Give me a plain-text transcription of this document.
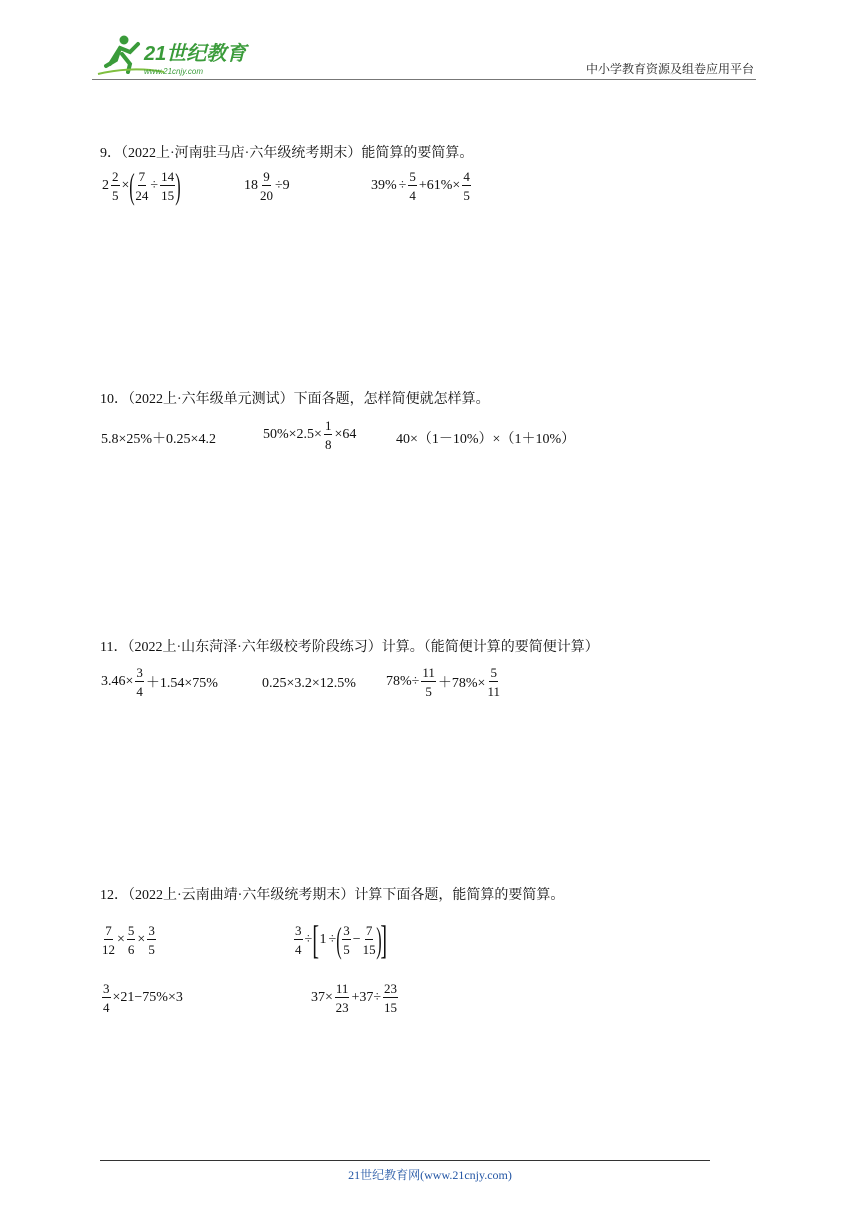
21世纪教育
www.21cnjy.com	中小学教育资源及组卷应用平台
9．（2022上·河南驻马店·六年级统考期末）能简算的要简算。
$2 \frac{2}{5}$ × ( $\frac{7}{24} \div \frac{14}{15}$ )	$18 \frac{9}{20} \div 9$	$39\% \div \frac{5}{4} +61\%\times \frac{4}{5}$
10．（2022上·六年级单元测试）下面各题，怎样简便就怎样算。
5.8×25%＋0.25×4.2	$50\%\times 2.5\times \frac{1}{8} \times 64$	40×（1－10%）×（1＋10%）
11．（2022上·山东菏泽·六年级校考阶段练习）计算。（能简便计算的要简便计算）
$3.46\times \frac{3}{4} +1.54\times 75\%$	0.25×3.2×12.5% $78\%\div \frac{11}{5} +78\%\times \frac{5}{11}$
12．（2022上·云南曲靖·六年级统考期末）计算下面各题，能简算的要简算。
$\frac{7}{12} \times \frac{5}{6} \times \frac{3}{5}$	$\frac{3}{4}$ ÷ [ 1 ÷ ( $\frac{3}{5} - \frac{7}{15}$ )
]
$\frac{3}{4} \times 21-75\%\times 3$	$37\times \frac{11}{23} +37\div \frac{23}{15}$
21世纪教育网(www.21cnjy.com)
